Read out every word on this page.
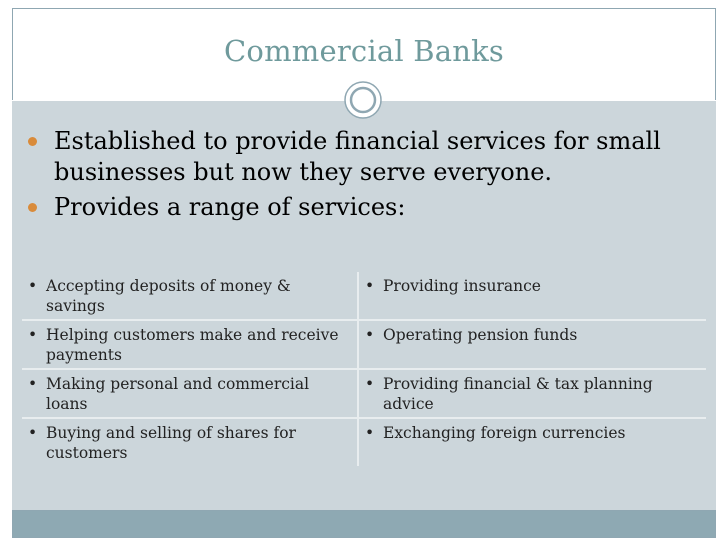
Commercial Banks
Established to provide financial services for small businesses but now they serve everyone.
Provides a range of services:
• Accepting deposits of money & savings	• Providing insurance

• Helping customers make and receive payments	• Operating pension funds

• Making personal and commercial loans	• Providing financial & tax planning advice

• Buying and selling of shares for customers	• Exchanging foreign currencies
